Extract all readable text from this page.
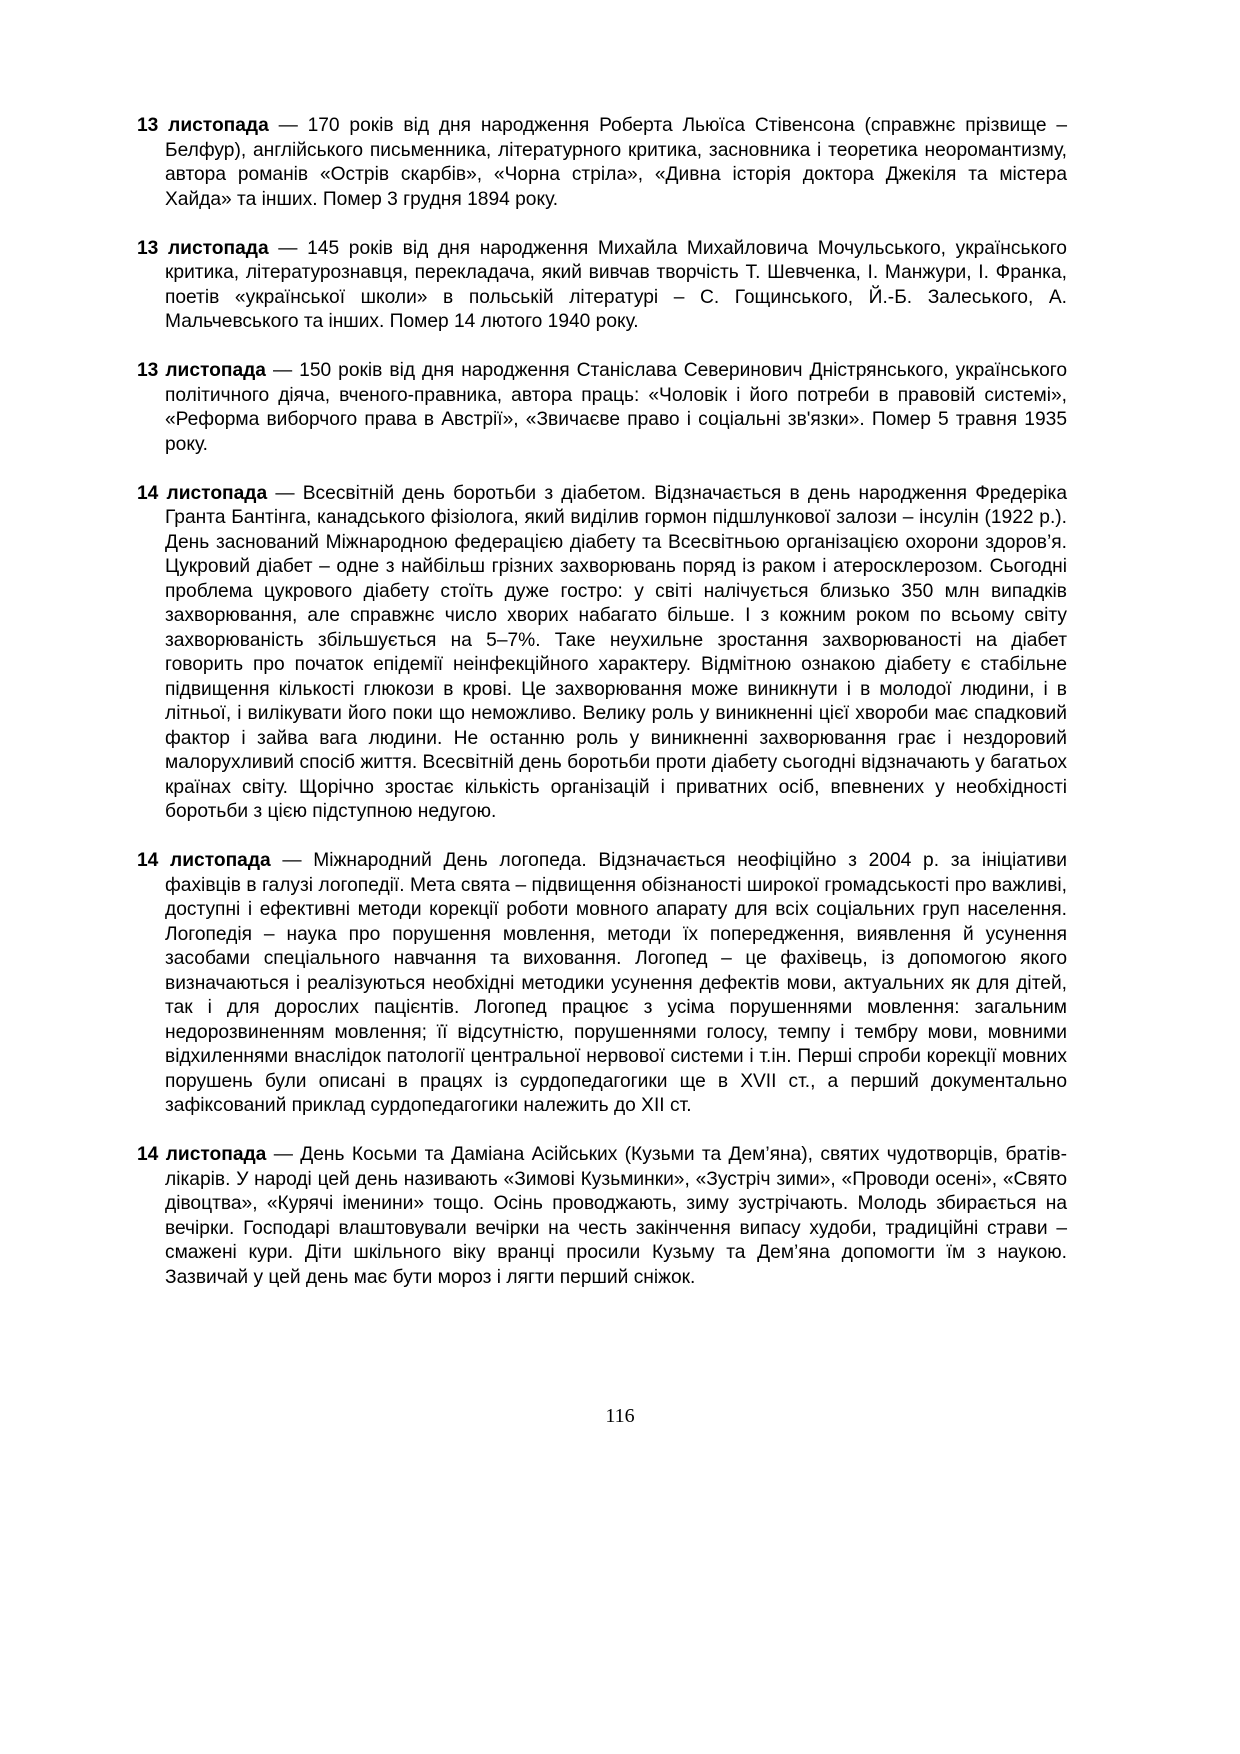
13 листопада — 170 років від дня народження Роберта Льюїса Стівенсона (справжнє прізвище – Белфур), англійського письменника, літературного критика, засновника і теоретика неоромантизму, автора романів «Острів скарбів», «Чорна стріла», «Дивна історія доктора Джекіля та містера Хайда» та інших. Помер 3 грудня 1894 року.

13 листопада — 145 років від дня народження Михайла Михайловича Мочульського, українського критика, літературознавця, перекладача, який вивчав творчість Т. Шевченка, І. Манжури, І. Франка, поетів «української школи» в польській літературі – С. Гощинського, Й.-Б. Залеського, А. Мальчевського та інших. Помер 14 лютого 1940 року.

13 листопада — 150 років від дня народження Станіслава Северинович Дністрянського, українського політичного діяча, вченого-правника, автора праць: «Чоловік і його потреби в правовій системі», «Реформа виборчого права в Австрії», «Звичаєве право і соціальні зв'язки». Помер 5 травня 1935 року.

14 листопада — Всесвітній день боротьби з діабетом. Відзначається в день народження Фредеріка Гранта Бантінга, канадського фізіолога, який виділив гормон підшлункової залози – інсулін (1922 р.). День заснований Міжнародною федерацією діабету та Всесвітньою організацією охорони здоров’я. Цукровий діабет – одне з найбільш грізних захворювань поряд із раком і атеросклерозом. Сьогодні проблема цукрового діабету стоїть дуже гостро: у світі налічується близько 350 млн випадків захворювання, але справжнє число хворих набагато більше. І з кожним роком по всьому світу захворюваність збільшується на 5–7%. Таке неухильне зростання захворюваності на діабет говорить про початок епідемії неінфекційного характеру. Відмітною ознакою діабету є стабільне підвищення кількості глюкози в крові. Це захворювання може виникнути і в молодої людини, і в літньої, і вилікувати його поки що неможливо. Велику роль у виникненні цієї хвороби має спадковий фактор і зайва вага людини. Не останню роль у виникненні захворювання грає і нездоровий малорухливий спосіб життя. Всесвітній день боротьби проти діабету сьогодні відзначають у багатьох країнах світу. Щорічно зростає кількість організацій і приватних осіб, впевнених у необхідності боротьби з цією підступною недугою.

14 листопада — Міжнародний День логопеда. Відзначається неофіційно з 2004 р. за ініціативи фахівців в галузі логопедії. Мета свята – підвищення обізнаності широкої громадськості про важливі, доступні і ефективні методи корекції роботи мовного апарату для всіх соціальних груп населення. Логопедія – наука про порушення мовлення, методи їх попередження, виявлення й усунення засобами спеціального навчання та виховання. Логопед – це фахівець, із допомогою якого визначаються і реалізуються необхідні методики усунення дефектів мови, актуальних як для дітей, так і для дорослих пацієнтів. Логопед працює з усіма порушеннями мовлення: загальним недорозвиненням мовлення; її відсутністю, порушеннями голосу, темпу і тембру мови, мовними відхиленнями внаслідок патології центральної нервової системи і т.ін. Перші спроби корекції мовних порушень були описані в працях із сурдопедагогики ще в XVII ст., а перший документально зафіксований приклад сурдопедагогики належить до XII ст.

14 листопада — День Косьми та Даміана Асійських (Кузьми та Дем’яна), святих чудотворців, братів-лікарів. У народі цей день називають «Зимові Кузьминки», «Зустріч зими», «Проводи осені», «Свято дівоцтва», «Курячі іменини» тощо. Осінь проводжають, зиму зустрічають. Молодь збирається на вечірки. Господарі влаштовували вечірки на честь закінчення випасу худоби, традиційні страви – смажені кури. Діти шкільного віку вранці просили Кузьму та Дем’яна допомогти їм з наукою. Зазвичай у цей день має бути мороз і лягти перший сніжок.

116
